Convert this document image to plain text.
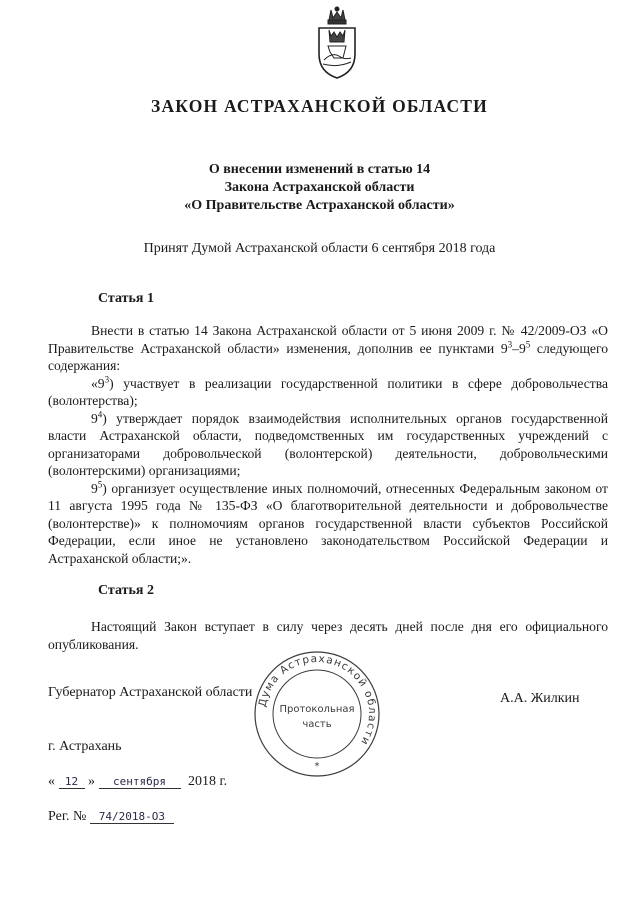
ЗАКОН АСТРАХАНСКОЙ ОБЛАСТИ
О внесении изменений в статью 14
Закона Астраханской области
«О Правительстве Астраханской области»
Принят Думой Астраханской области 6 сентября 2018 года
Статья 1

Внести в статью 14 Закона Астраханской области от 5 июня 2009 г. № 42/2009-ОЗ «О Правительстве Астраханской области» изменения, дополнив ее пунктами $9^3-9^5$ следующего содержания:

«$9^3$) участвует в реализации государственной политики в сфере добровольчества (волонтерства);

$9^4$) утверждает порядок взаимодействия исполнительных органов государственной власти Астраханской области, подведомственных им государственных учреждений с организаторами добровольческой (волонтерской) деятельности, добровольческими (волонтерскими) организациями;

$9^5$) организует осуществление иных полномочий, отнесенных Федеральным законом от 11 августа 1995 года № 135-ФЗ «О благотворительной деятельности и добровольчестве (волонтерстве)» к полномочиям органов государственной власти субъектов Российской Федерации, если иное не установлено законодательством Российской Федерации и Астраханской области;».

Статья 2

Настоящий Закон вступает в силу через десять дней после дня его официального опубликования.

Губернатор Астраханской области	А.А. Жилкин
г. Астрахань
« 12 » сентября 2018 г.
Рег. № 74/2018-ОЗ
Дума Астраханской области
Протокольная
часть
*
